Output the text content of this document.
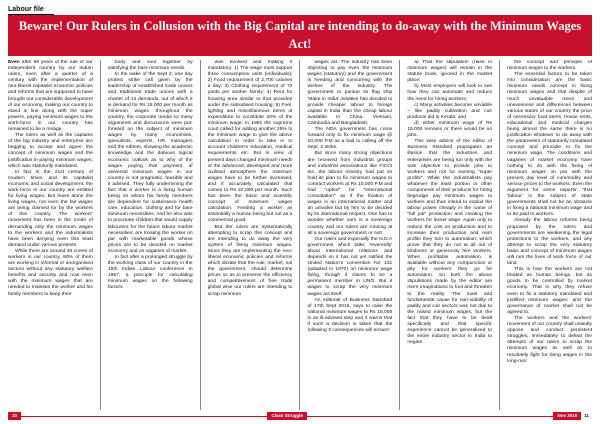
Labour file
Beware! Our Rulers in Collusion with the Big Capital are intending to do-away with the Minimum Wages Act!

Even after 69 years of the rule of our independent country by our Indian rulers, even after a quarter of a century with the implementation of neo-liberal capitalist economic policies and reforms that are supposed to have brought out considerable development of our economy, making our country to stand in line along with the super powers, paying minimum wages to the work-force in our country has remained to be a mirage.

The rulers as well as the captains of the big industry and enterprise are begging to accept and agree the concept of minimum wages and the justification in paying minimum wages; which was statutorily mandated.

In fact in the 21st century of modern times and its capitalist economic and social development, the work-force in our country are entitled for living wages. But leave alone the living wages, not even the fair wages are being claimed for by the workers of this country. The workers' movement has been in the mode of demanding only the minimum wages to the workers and the industrialists have been denying even this least demand under various pretexts.

While there are around 40 crores of workers in our country, 90% of them are working in informal or unorganised sectors without any statutory welfare benefits and security and now even with the minimum wages that are needed to maintain the worker and his family members to keep their

body and soul together by satisfying the bare minimum needs.

In the wake of the Sept 2, one day protest strike call given by the leadership of established trade unions and traditional trade unions with a charter of 14 demands, out of which it is demand for Rs 15,000 per month as minimum wages throughout the country, the corporate media so many arguments and discussions were put-forward on the subject of minimum wages by many economists, specialists, experts, HR, managers and the editors, showing the academic knowledge and the dubious logical economic outlook as to why of the wages paying that payment of universal minimum wages in our country is not pragmatic, feasible and it advised. They fully undermining the fact that a worker is a living human being on whom his family members are dependent for sustenance health care, education, clothing and for bare minimum necessities. And he also was to procreate children that would supply labourers for the future labour market necessities; are treating the worker on par with marketable goods whose prices are to be decided on market economy and on vagaries of market.

In fact after a prolonged struggle by the working class of our country in the 15th Indian Labour conference in 1957, a principle for calculating minimum wages on the following factors

was evolved and making it mandatory; 1) The wage must support three consumption units (individuals); 2) Food requirement of 2,700 calories a day; 3) Clothing requirement of 72 yards per worker family; 4) Rent for housing area similar to that provided under the subsidised housing; 5) Fuel, lighting and miscellaneous items of expenditure to constitute 20% of the minimum wage. In 1991 the supreme court called for adding another 25% to the minimum wage to give the above calculation in order to take in to account children's education, medical requirements etc. But in view of present days changed minimum needs of the advanced, developed and more civilised atmosphere the minimum wages have to be further increased, and if accurately calculated that comes to Rs 22,000 per month. Such has been the basic and scientific concept of minimum wages calculation. Feeding a worker as essentially a human being but not as a commercial good.

But the rulers are systematically attempting to scrap this concept and are intending to do away the very system of fixing minimum wages. Since they are implementing the neo-liberal economic policies and reforms which dictate that the rule, market, not the government, should determine prices so as to preserve the efficiency and competitiveness of free trade global wise our rulers are intending to scrap minimum

wages act. The industry has been objecting to pay even the minimum wages (statutory) and the government is heeding and concurring with the wishes of the industry. The government to pursue its flag ship 'Make in India' initiative has decided to provide cheaper labour to foreign capital in India than the cheap labour available in China, Vietnam, Cambodia and Bangladesh.

The NDA government has come forward only to fix minimum wage @ 10,000 P.M as a bait to calling off the Sept. 2 strike.

But since many strong objections are received from industrial groups and industrial associations like FICCI etc, the labour ministry had put on hold its plan to fix minimum wages to contract workers at Rs 10,000 P.M and had "opted" for "international consultation" as if the fixation of wages is an international matter and an univalve but by him to be decided by its international respect. One has to wonder whether ours is a sovereign country and our rulers are running at all a sovereign government or not!

Our rulers and especially the N.D.A government which talks 'reverently' about international relations and depends on it has not yet ratified the United Nation's convention No 131 (adopted in 1970) on minimum wage fixing, though it claims to be a permanent member in UNO. But it wages to scrap the very minimum wages act itself.

An editorial of Business Standard of 17th Sept 2016, says to raise the national minimum wages to Rs 15,000 is an ill-advised step and it warns that if such a decision is taken that the following 3 consequences will ensure:

a) That the stipulation (raise in minimum wages) will remain in the statute book, ignored in the market place;

b) Most employers will look to see how they can automate and reduce the need for hiring workers;

c) Many activities become unviable – like paddy cultivation and coir products did in Kerala; and

d) either minimum wage of Rs 15,000 remains or there would be no jobs.

This wise advice of the editor of Business Standard propagates an illusion that the industries and enterprises are being run only with the sole objective to provide jobs to workers and not for earning "super profits". While the industrialists pay whatever the least portion or other components of their products for hiring begrudge pay minimum wages to workers and thus intend to exploit the labour power cheaply in the name of "full job" production and creating the workers for lesser wage. Again only to reduce the cost on production and to increase their production and earn profits they turn to automation; which prove that they do not at all out of kindness or generosity hire workers. When profitable automation is available without any compunction or pity for workers they go for automation. So both the above stipulations made by the editor are mere imaginations to fool and threaten to the reality. The main and fundamental cause for non-viability of paddy and coir sectors was not due to the raised minimum wages, but the fact that they have to be dealt specifically and that specific experience cannot be generalised to the entire industry sector in India to negate

the concept and principle of minimum wages to the workers.

The essential factors to be taken into consideration are the basic minimum needs concept in fixing minimum wages and that despite of much unvaluable mess and unevenness and differences between various states of our country the price of necessary food items, house rents, educational and medical charges being almost the same there is no justification whatever to do away with the parameters of statutorily mandated concept and principle to fix the minimum wage. The conditions and vagaries of market economy have nothing to do with the fixing of minimum wages on par with the present day level of commodity and service prices to the workers. Even the argument for some experts' "that 'labour' is the subject of state governments shall not be an obstacle in fixing a national minimum wage and to be paid to workers.

Already the labour reforms being proposed by the rulers and governments are weakening the legal protections to the workers, and any attempt to scrap the very statutory basis and concept of minimum wages will ruin the lives of work force of our land.

This is how the workers are not treated as human beings, but as goods to be controlled by market economy. That is why they refuse even to fix a statutory mandated and justified minimum wages; and the governance of market shall not be agreed to.

The workers and the workers' movement of our country shall unitedly oppose and conduct persistent struggles, immediately to defeat the attempts of our rulers to scrap the minimum wages as well as to resolutely fight for living wages in the long-run!

10	Class Struggle	Nov 2016	11
